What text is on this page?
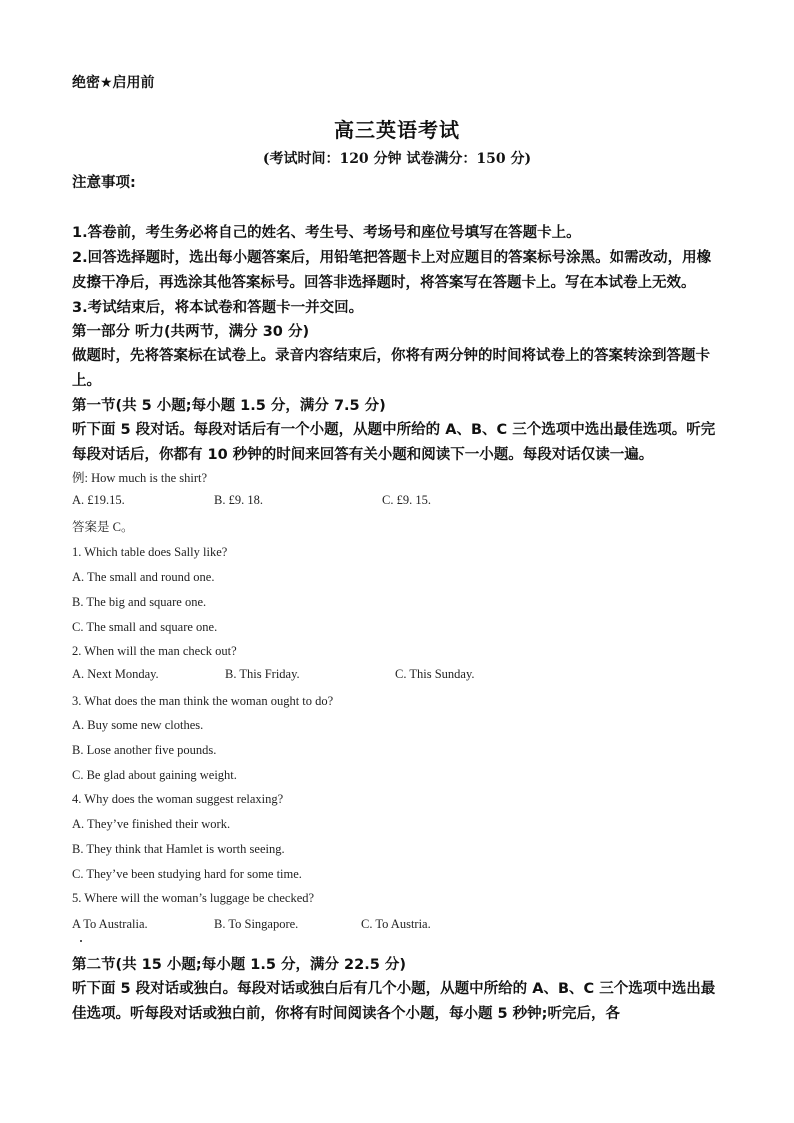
绝密★启用前
高三英语考试
(考试时间：120 分钟 试卷满分：150 分)
注意事项:
1.答卷前，考生务必将自己的姓名、考生号、考场号和座位号填写在答题卡上。
2.回答选择题时，选出每小题答案后，用铅笔把答题卡上对应题目的答案标号涂黑。如需改动，用橡皮擦干净后，再选涂其他答案标号。回答非选择题时，将答案写在答题卡上。写在本试卷上无效。
3.考试结束后，将本试卷和答题卡一并交回。
第一部分 听力(共两节，满分 30 分)
做题时，先将答案标在试卷上。录音内容结束后，你将有两分钟的时间将试卷上的答案转涂到答题卡上。
第一节(共 5 小题;每小题 1.5 分，满分 7.5 分)
听下面 5 段对话。每段对话后有一个小题，从题中所给的 A、B、C 三个选项中选出最佳选项。听完每段对话后，你都有 10 秒钟的时间来回答有关小题和阅读下一小题。每段对话仅读一遍。
例: How much is the shirt?
A. £19.15.	B. £9. 18.	C. £9. 15.
答案是 C。
1. Which table does Sally like?
A. The small and round one.
B. The big and square one.
C. The small and square one.
2. When will the man check out?
A. Next Monday.	B. This Friday.	C. This Sunday.
3. What does the man think the woman ought to do?
A. Buy some new clothes.
B. Lose another five pounds.
C. Be glad about gaining weight.
4. Why does the woman suggest relaxing?
A. They’ve finished their work.
B. They think that Hamlet is worth seeing.
C. They’ve been studying hard for some time.
5. Where will the woman’s luggage be checked?
A To Australia.	B. To Singapore.	C. To Austria.
第二节(共 15 小题;每小题 1.5 分，满分 22.5 分)
听下面 5 段对话或独白。每段对话或独白后有几个小题，从题中所给的 A、B、C 三个选项中选出最佳选项。听每段对话或独白前，你将有时间阅读各个小题，每小题 5 秒钟;听完后，各
